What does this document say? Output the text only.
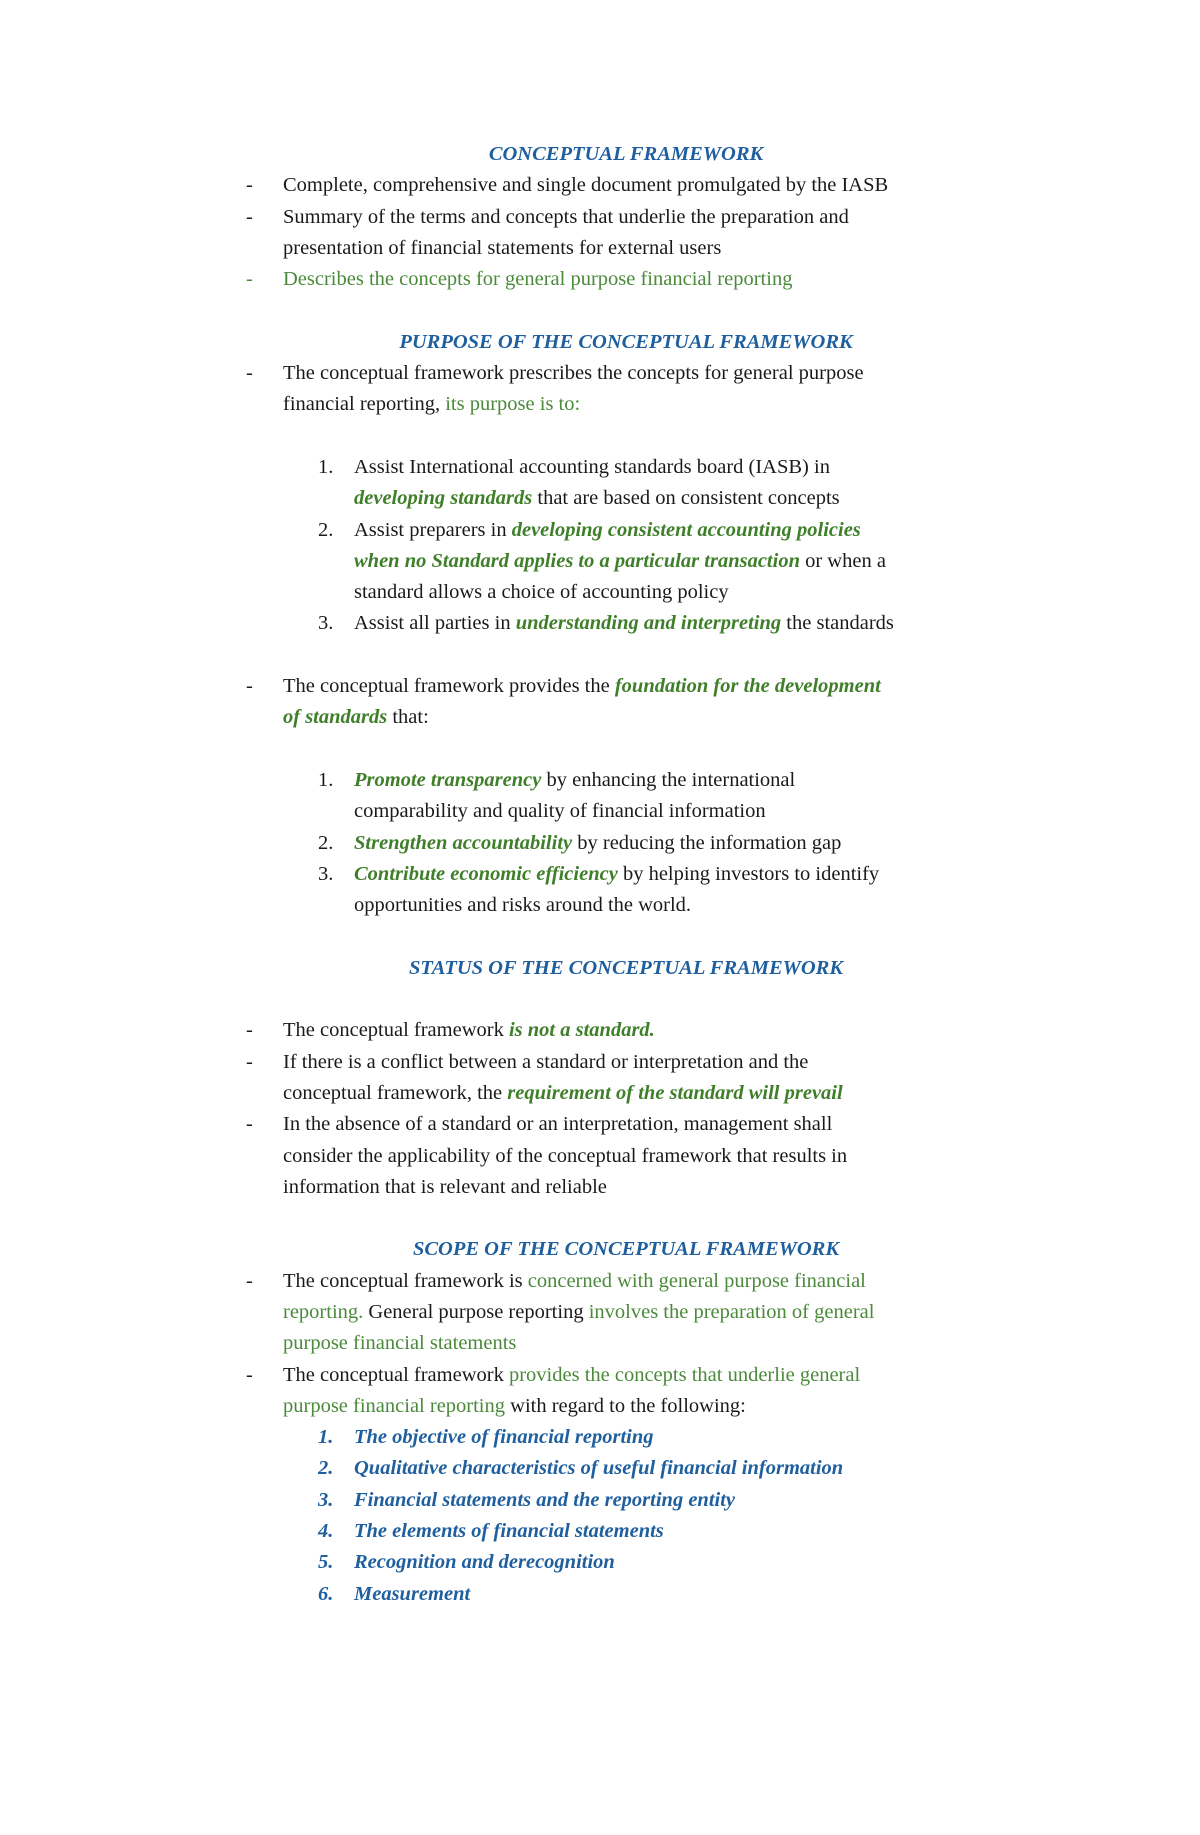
CONCEPTUAL FRAMEWORK
- Complete, comprehensive and single document promulgated by the IASB
- Summary of the terms and concepts that underlie the preparation and
presentation of financial statements for external users
- Describes the concepts for general purpose financial reporting
PURPOSE OF THE CONCEPTUAL FRAMEWORK
- The conceptual framework prescribes the concepts for general purpose
financial reporting, its purpose is to:
1. Assist International accounting standards board (IASB) in
developing standards that are based on consistent concepts
2. Assist preparers in developing consistent accounting policies
when no Standard applies to a particular transaction or when a
standard allows a choice of accounting policy
3. Assist all parties in understanding and interpreting the standards
- The conceptual framework provides the foundation for the development
of standards that:
1. Promote transparency by enhancing the international
comparability and quality of financial information
2. Strengthen accountability by reducing the information gap
3. Contribute economic efficiency by helping investors to identify
opportunities and risks around the world.
STATUS OF THE CONCEPTUAL FRAMEWORK
- The conceptual framework is not a standard.
- If there is a conflict between a standard or interpretation and the
conceptual framework, the requirement of the standard will prevail
- In the absence of a standard or an interpretation, management shall
consider the applicability of the conceptual framework that results in
information that is relevant and reliable
SCOPE OF THE CONCEPTUAL FRAMEWORK
- The conceptual framework is concerned with general purpose financial
reporting. General purpose reporting involves the preparation of general
purpose financial statements
- The conceptual framework provides the concepts that underlie general
purpose financial reporting with regard to the following:
1. The objective of financial reporting
2. Qualitative characteristics of useful financial information
3. Financial statements and the reporting entity
4. The elements of financial statements
5. Recognition and derecognition
6. Measurement
